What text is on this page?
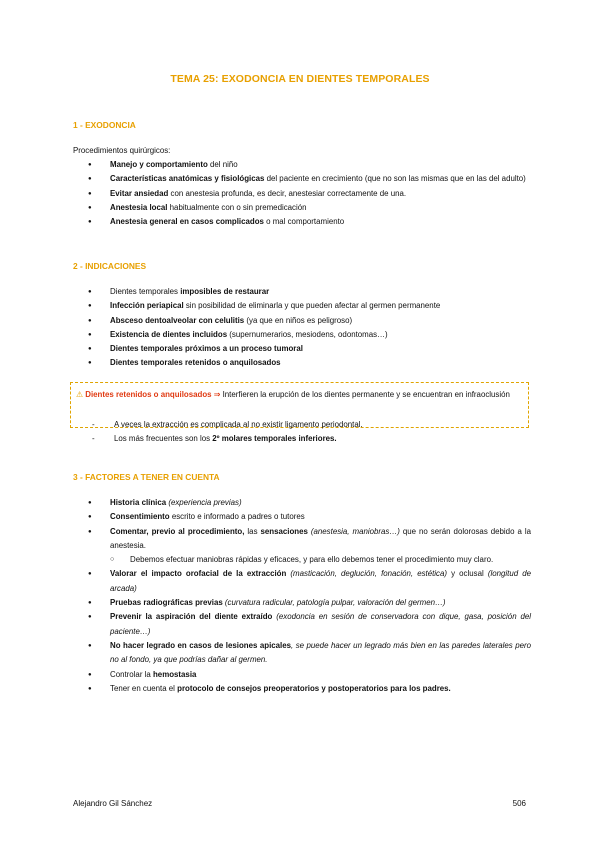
TEMA 25: EXODONCIA EN DIENTES TEMPORALES
1 - EXODONCIA
Procedimientos quirúrgicos:
● Manejo y comportamiento del niño
● Características anatómicas y fisiológicas del paciente en crecimiento (que no son las mismas que en las del adulto)
● Evitar ansiedad con anestesia profunda, es decir, anestesiar correctamente de una.
● Anestesia local habitualmente con o sin premedicación
● Anestesia general en casos complicados o mal comportamiento
2 - INDICACIONES
● Dientes temporales imposibles de restaurar
● Infección periapical sin posibilidad de eliminarla y que pueden afectar al germen permanente
● Absceso dentoalveolar con celulitis (ya que en niños es peligroso)
● Existencia de dientes incluidos (supernumerarios, mesiodens, odontomas…)
● Dientes temporales próximos a un proceso tumoral
● Dientes temporales retenidos o anquilosados
⚠ Dientes retenidos o anquilosados ⇒ Interfieren la erupción de los dientes permanente y se encuentran en infraoclusión
- A veces la extracción es complicada al no existir ligamento periodontal.
- Los más frecuentes son los 2º molares temporales inferiores.
3 - FACTORES A TENER EN CUENTA
● Historia clínica (experiencia previas)
● Consentimiento escrito e informado a padres o tutores
● Comentar, previo al procedimiento, las sensaciones (anestesia, maniobras…) que no serán dolorosas debido a la anestesia.
○ Debemos efectuar maniobras rápidas y eficaces, y para ello debemos tener el procedimiento muy claro.
● Valorar el impacto orofacial de la extracción (masticación, deglución, fonación, estética) y oclusal (longitud de arcada)
● Pruebas radiográficas previas (curvatura radicular, patología pulpar, valoración del germen…)
● Prevenir la aspiración del diente extraído (exodoncia en sesión de conservadora con dique, gasa, posición del paciente…)
● No hacer legrado en casos de lesiones apicales, se puede hacer un legrado más bien en las paredes laterales pero no al fondo, ya que podrías dañar al germen.
● Controlar la hemostasia
● Tener en cuenta el protocolo de consejos preoperatorios y postoperatorios para los padres.
Alejandro Gil Sánchez	506
